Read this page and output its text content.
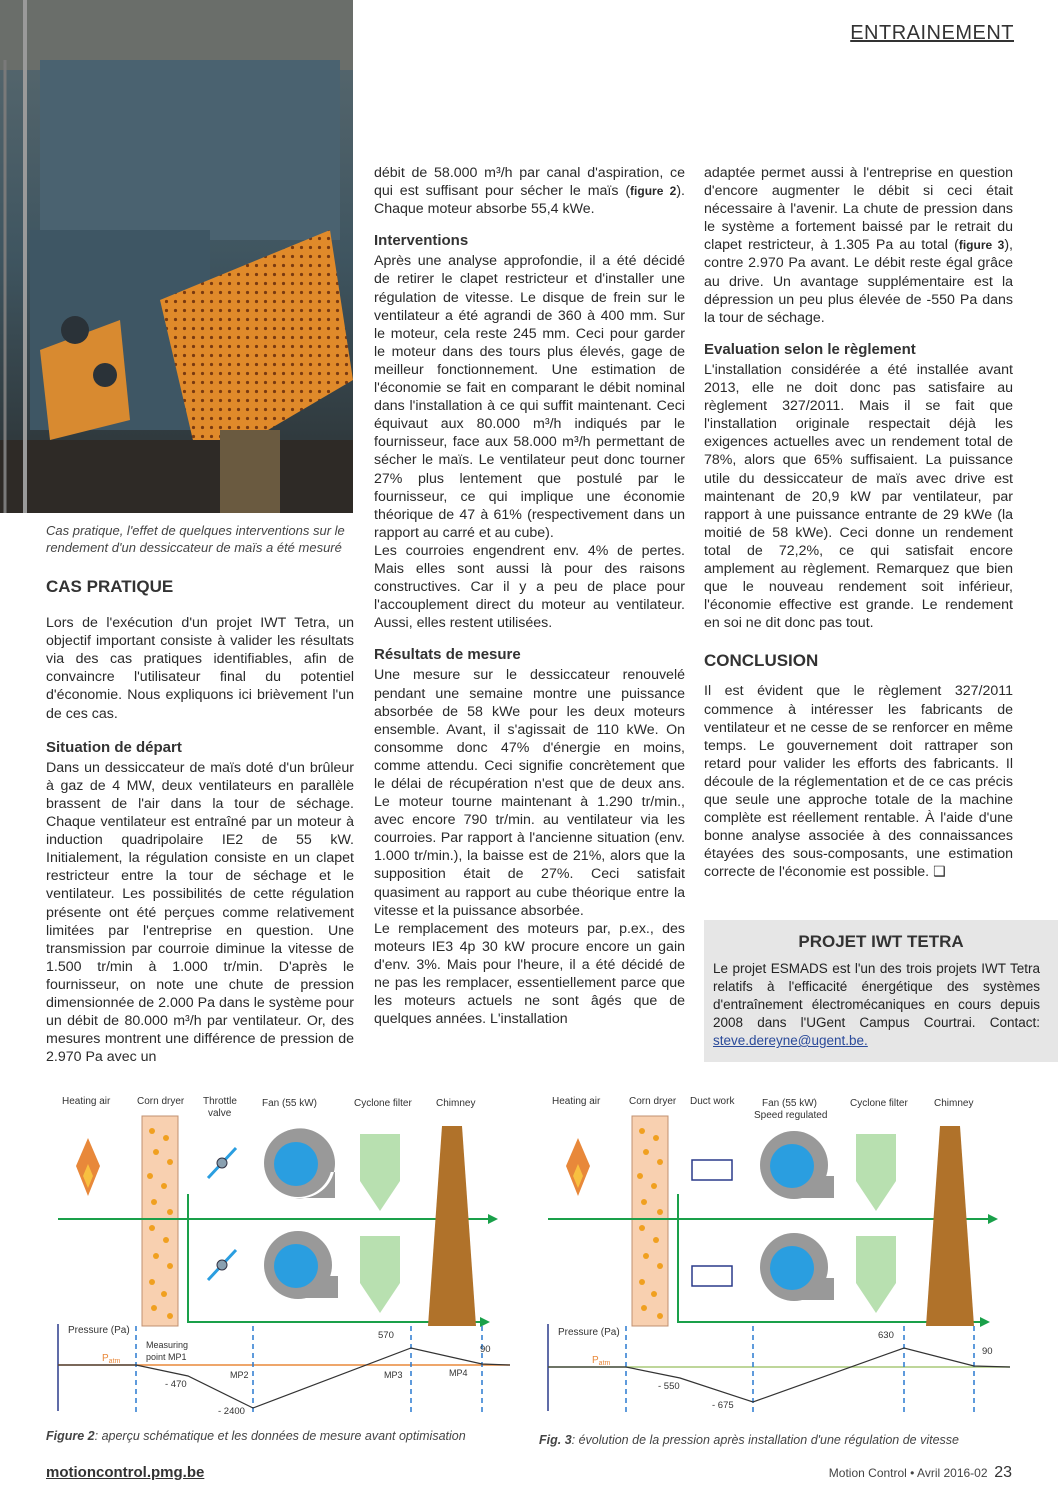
ENTRAINEMENT
Cas pratique, l'effet de quelques interventions sur le rendement d'un dessiccateur de maïs a été mesuré
CAS PRATIQUE

Lors de l'exécution d'un projet IWT Tetra, un objectif important consiste à valider les résultats via des cas pratiques identifiables, afin de convaincre l'utilisateur final du potentiel d'économie. Nous expliquons ici brièvement l'un de ces cas.

Situation de départ

Dans un dessiccateur de maïs doté d'un brûleur à gaz de 4 MW, deux ventilateurs en parallèle brassent de l'air dans la tour de séchage. Chaque ventilateur est entraîné par un moteur à induction quadripolaire IE2 de 55 kW. Initialement, la régulation consiste en un clapet restricteur entre la tour de séchage et le ventilateur. Les possibilités de cette régulation présente ont été perçues comme relativement limitées par l'entreprise en question. Une transmission par courroie diminue la vitesse de 1.500 tr/min à 1.000 tr/min. D'après le fournisseur, on note une chute de pression dimensionnée de 2.000 Pa dans le système pour un débit de 80.000 m³/h par ventilateur. Or, des mesures montrent une différence de pression de 2.970 Pa avec un

débit de 58.000 m³/h par canal d'aspiration, ce qui est suffisant pour sécher le maïs (figure 2). Chaque moteur absorbe 55,4 kWe.

Interventions

Après une analyse approfondie, il a été décidé de retirer le clapet restricteur et d'installer une régulation de vitesse. Le disque de frein sur le ventilateur a été agrandi de 360 à 400 mm. Sur le moteur, cela reste 245 mm. Ceci pour garder le moteur dans des tours plus élevés, gage de meilleur fonctionnement. Une estimation de l'économie se fait en comparant le débit nominal dans l'installation à ce qui suffit maintenant. Ceci équivaut aux 80.000 m³/h indiqués par le fournisseur, face aux 58.000 m³/h permettant de sécher le maïs. Le ventilateur peut donc tourner 27% plus lentement que postulé par le fournisseur, ce qui implique une économie théorique de 47 à 61% (respectivement dans un rapport au carré et au cube).

Les courroies engendrent env. 4% de pertes. Mais elles sont aussi là pour des raisons constructives. Car il y a peu de place pour l'accouplement direct du moteur au ventilateur. Aussi, elles restent utilisées.

Résultats de mesure

Une mesure sur le dessiccateur renouvelé pendant une semaine montre une puissance absorbée de 58 kWe pour les deux moteurs ensemble. Avant, il s'agissait de 110 kWe. On consomme donc 47% d'énergie en moins, comme attendu. Ceci signifie concrètement que le délai de récupération n'est que de deux ans. Le moteur tourne maintenant à 1.290 tr/min., avec encore 790 tr/min. au ventilateur via les courroies. Par rapport à l'ancienne situation (env. 1.000 tr/min.), la baisse est de 21%, alors que la supposition était de 27%. Ceci satisfait quasiment au rapport au cube théorique entre la vitesse et la puissance absorbée.

Le remplacement des moteurs par, p.ex., des moteurs IE3 4p 30 kW procure encore un gain d'env. 3%. Mais pour l'heure, il a été décidé de ne pas les remplacer, essentiellement parce que les moteurs actuels ne sont âgés que de quelques années. L'installation

adaptée permet aussi à l'entreprise en question d'encore augmenter le débit si ceci était nécessaire à l'avenir. La chute de pression dans le système a fortement baissé par le retrait du clapet restricteur, à 1.305 Pa au total (figure 3), contre 2.970 Pa avant. Le débit reste égal grâce au drive. Un avantage supplémentaire est la dépression un peu plus élevée de -550 Pa dans la tour de séchage.

Evaluation selon le règlement

L'installation considérée a été installée avant 2013, elle ne doit donc pas satisfaire au règlement 327/2011. Mais il se fait que l'installation originale respectait déjà les exigences actuelles avec un rendement total de 78%, alors que 65% suffisaient. La puissance utile du dessiccateur de maïs avec drive est maintenant de 20,9 kW par ventilateur, par rapport à une puissance entrante de 29 kWe (la moitié de 58 kWe). Ceci donne un rendement total de 72,2%, ce qui satisfait encore amplement au règlement. Remarquez que bien que le nouveau rendement soit inférieur, l'économie effective est grande. Le rendement en soi ne dit donc pas tout.

CONCLUSION

Il est évident que le règlement 327/2011 commence à intéresser les fabricants de ventilateur et ne cesse de se renforcer en même temps. Le gouvernement doit rattraper son retard pour valider les efforts des fabricants. Il découle de la réglementation et de ce cas précis que seule une approche totale de la machine complète est réellement rentable. À l'aide d'une bonne analyse associée à des connaissances étayées des sous-composants, une estimation correcte de l'économie est possible. ❑

PROJET IWT TETRA
Le projet ESMADS est l'un des trois projets IWT Tetra relatifs à l'efficacité énergétique des systèmes d'entraînement électromécaniques en cours depuis 2008 dans l'UGent Campus Courtrai. Contact: steve.dereyne@ugent.be.
Heating air	Corn dryer Throttle
valve
Fan (55 kW)	Cyclone filter Chimney
Pressure (Pa)
$P_{atm}$
Measuring
point MP1
- 470
MP2
- 2400
570
MP3
90
MP4
Figure 2: aperçu schématique et les données de mesure avant optimisation
Heating air	Corn dryer Duct work	Fan (55 kW)
Speed regulated
Cyclone filter	Chimney
Pressure (Pa)
$P_{atm}$
- 550
- 675
630
90
Fig. 3: évolution de la pression après installation d'une régulation de vitesse
motioncontrol.pmg.be	Motion Control • Avril 2016-02 23
